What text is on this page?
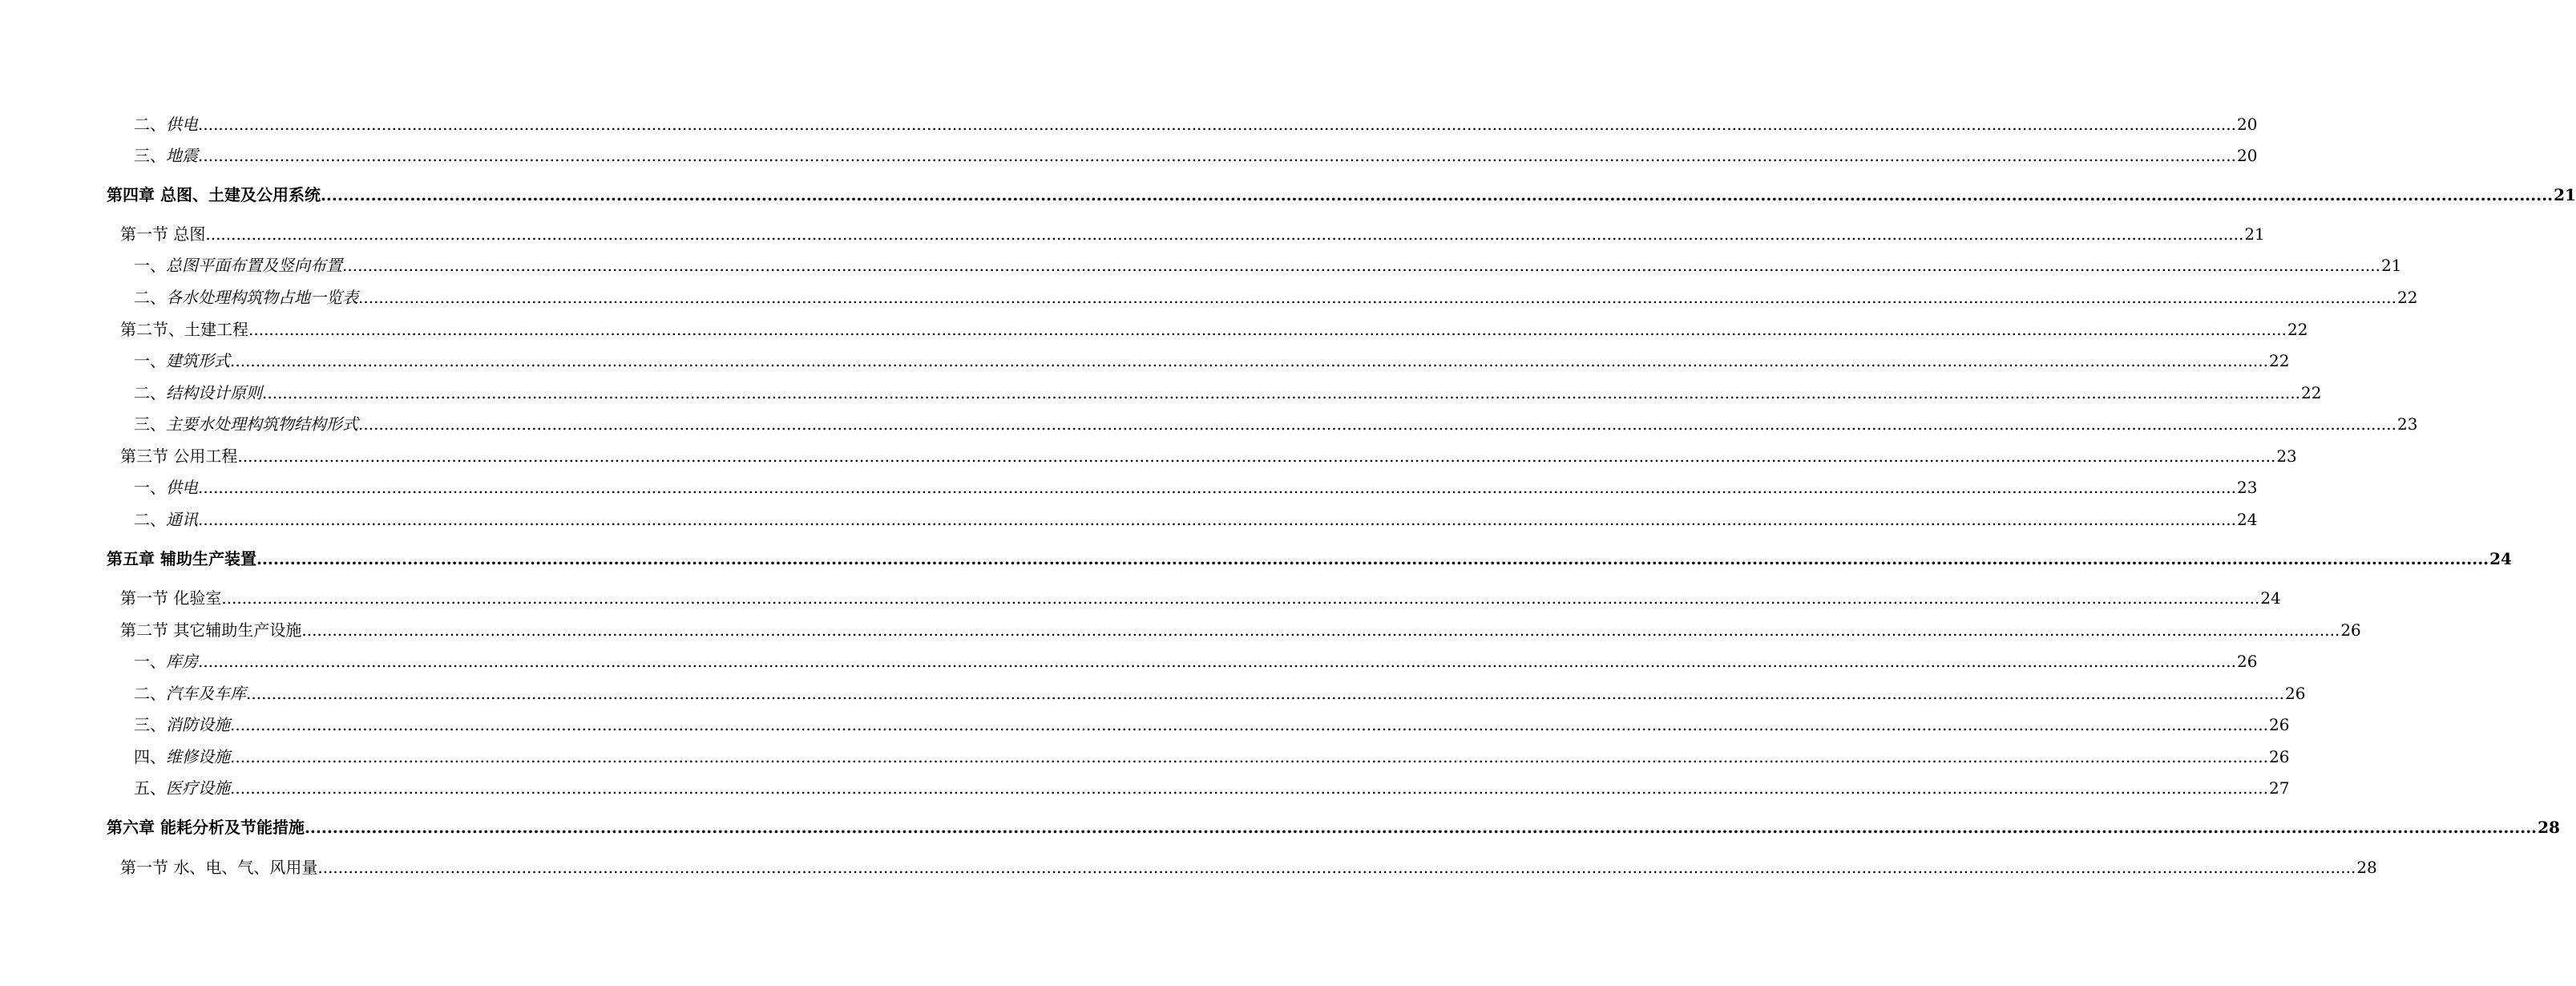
二、供电 ................................................................................................................................................................................................................................................................................................................................................................................................................ 20
三、地震 ................................................................................................................................................................................................................................................................................................................................................................................................................ 20
第四章 总图、土建及公用系统 ................................................................................................................................................................................................................................................................................................................................................................................................................ 21
第一节 总图 ................................................................................................................................................................................................................................................................................................................................................................................................................ 21
一、总图平面布置及竖向布置 ................................................................................................................................................................................................................................................................................................................................................................................................................ 21
二、各水处理构筑物占地一览表 ................................................................................................................................................................................................................................................................................................................................................................................................................ 22
第二节、土建工程 ................................................................................................................................................................................................................................................................................................................................................................................................................ 22
一、建筑形式 ................................................................................................................................................................................................................................................................................................................................................................................................................ 22
二、结构设计原则 ................................................................................................................................................................................................................................................................................................................................................................................................................ 22
三、主要水处理构筑物结构形式 ................................................................................................................................................................................................................................................................................................................................................................................................................ 23
第三节 公用工程 ................................................................................................................................................................................................................................................................................................................................................................................................................ 23
一、供电 ................................................................................................................................................................................................................................................................................................................................................................................................................ 23
二、通讯 ................................................................................................................................................................................................................................................................................................................................................................................................................ 24
第五章 辅助生产装置 ................................................................................................................................................................................................................................................................................................................................................................................................................ 24
第一节 化验室 ................................................................................................................................................................................................................................................................................................................................................................................................................ 24
第二节 其它辅助生产设施 ................................................................................................................................................................................................................................................................................................................................................................................................................ 26
一、库房 ................................................................................................................................................................................................................................................................................................................................................................................................................ 26
二、汽车及车库 ................................................................................................................................................................................................................................................................................................................................................................................................................ 26
三、消防设施 ................................................................................................................................................................................................................................................................................................................................................................................................................ 26
四、维修设施 ................................................................................................................................................................................................................................................................................................................................................................................................................ 26
五、医疗设施 ................................................................................................................................................................................................................................................................................................................................................................................................................ 27
第六章 能耗分析及节能措施 ................................................................................................................................................................................................................................................................................................................................................................................................................ 28
第一节 水、电、气、风用量 ................................................................................................................................................................................................................................................................................................................................................................................................................ 28
